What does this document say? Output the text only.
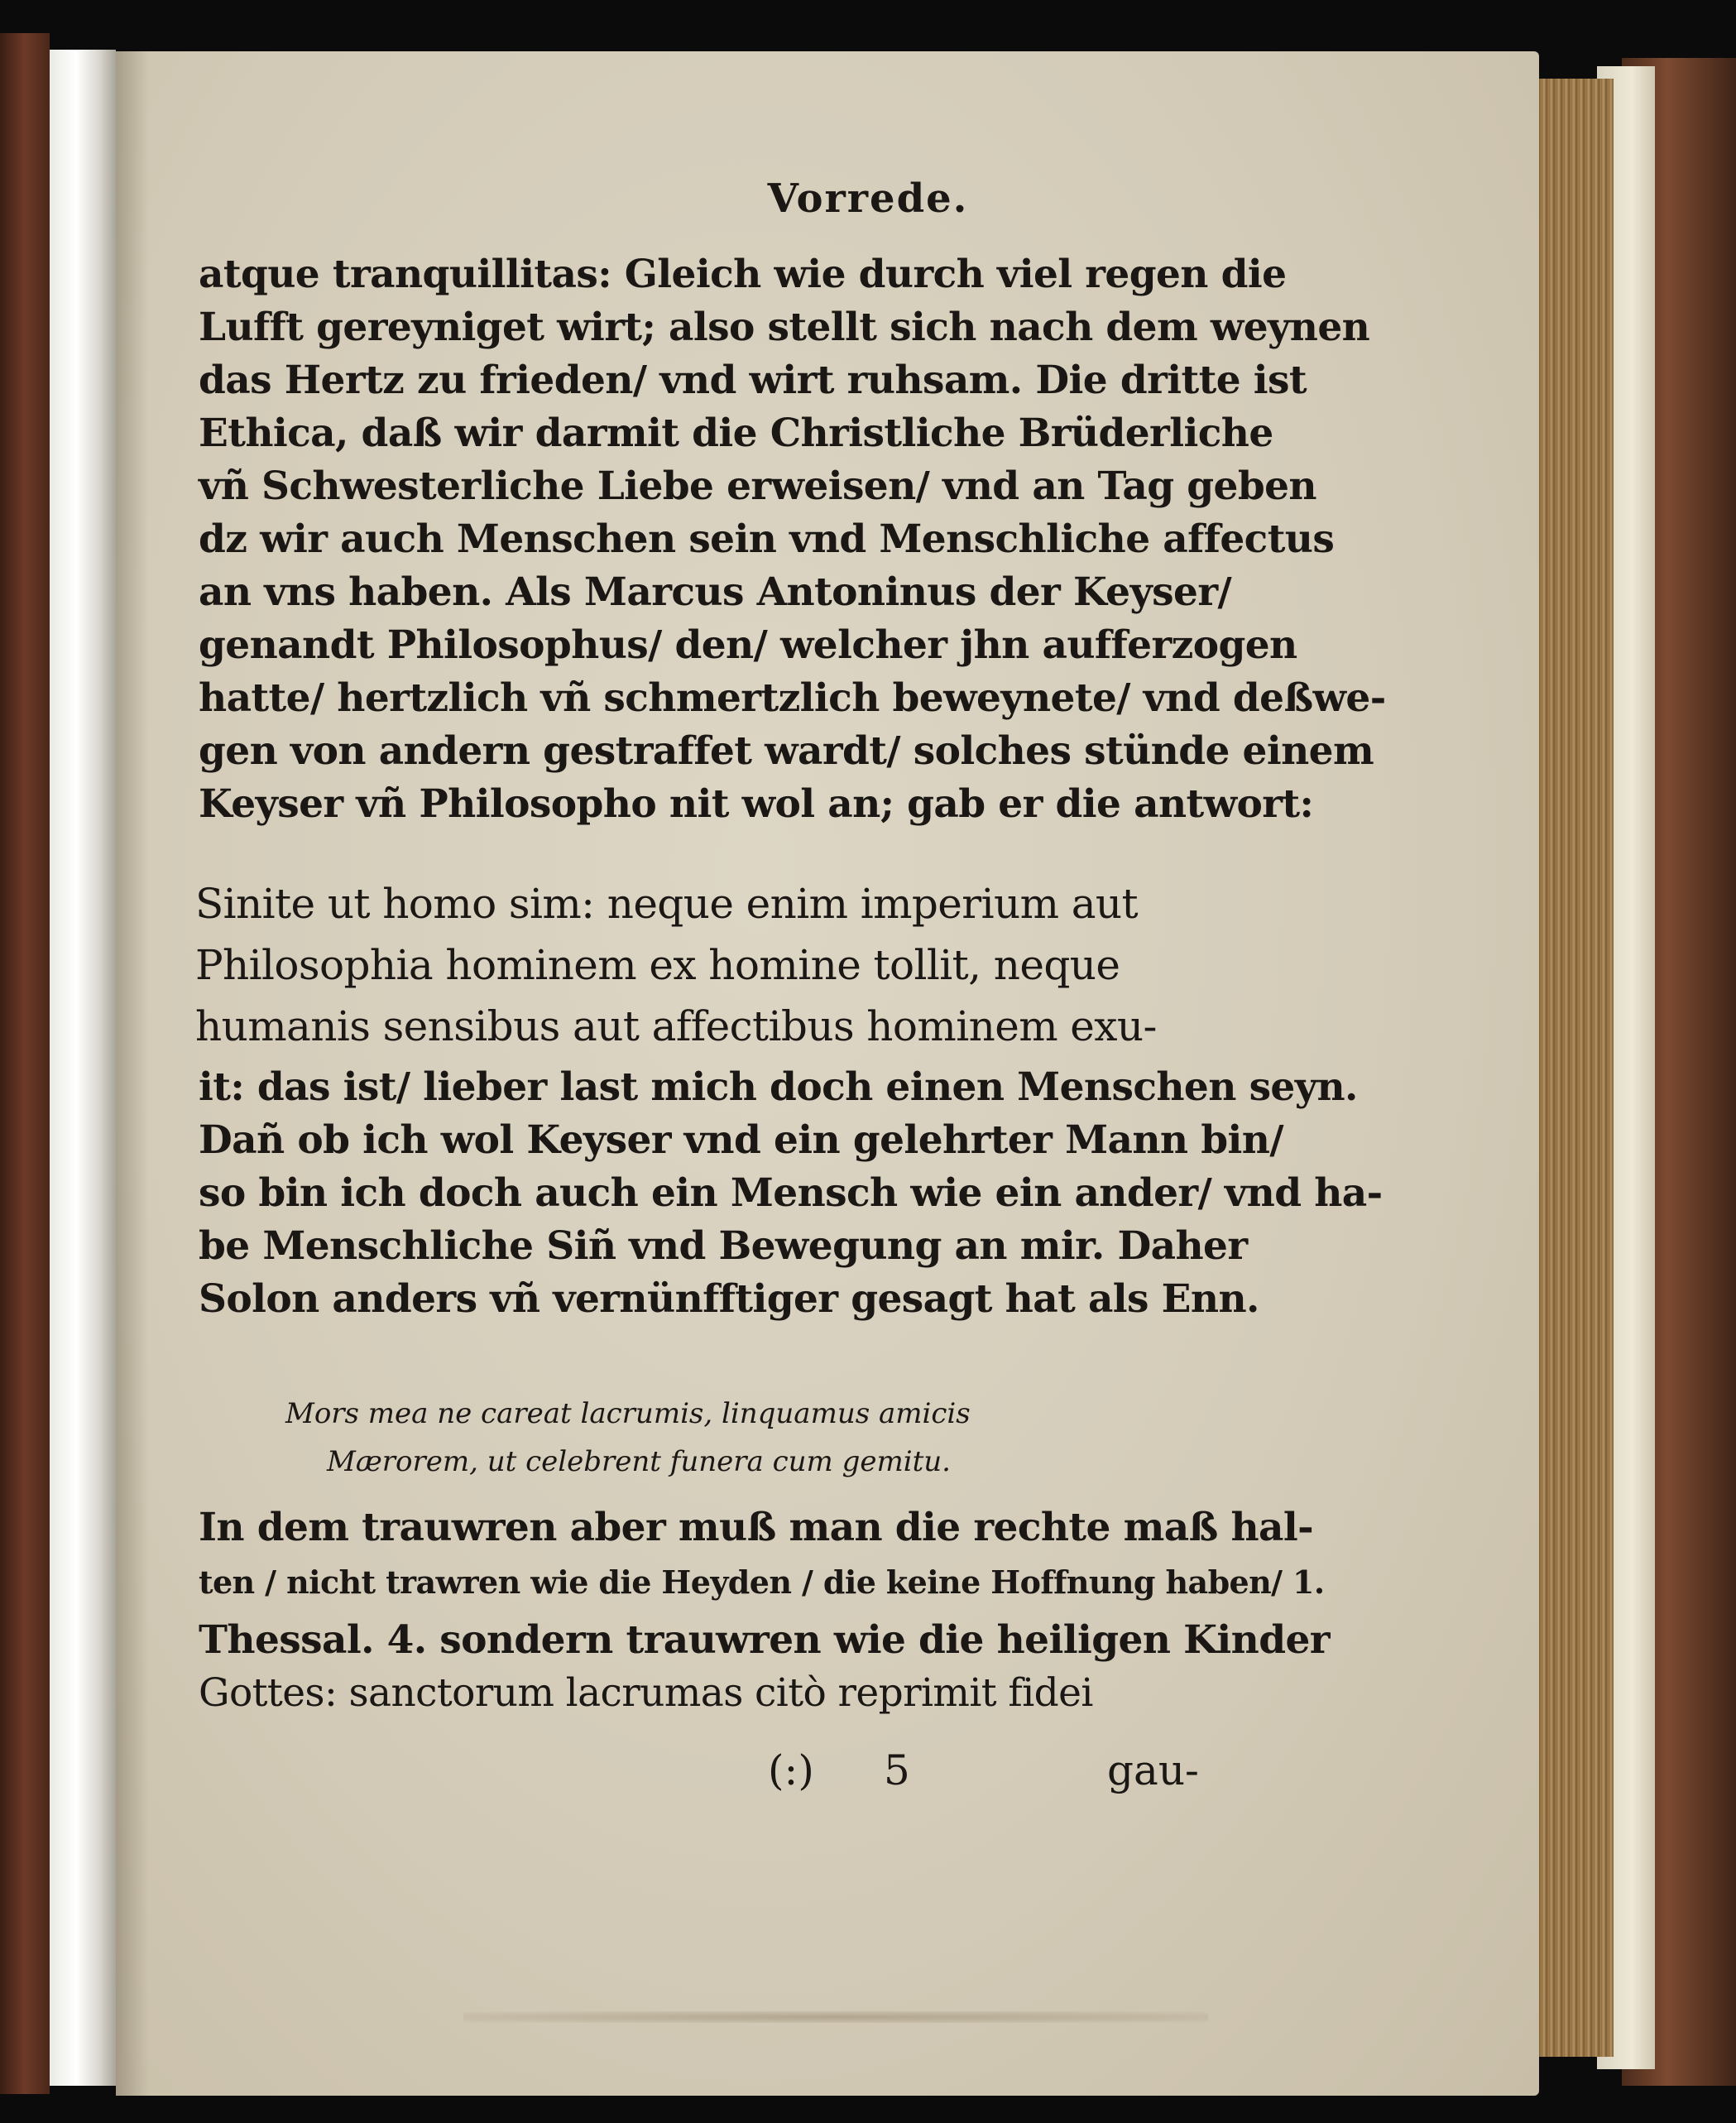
Vorrede.
atque tranquillitas: Gleich wie durch viel regen die
Lufft gereyniget wirt; also stellt sich nach dem weynen
das Hertz zu frieden/ vnd wirt ruhsam. Die dritte ist
Ethica, daß wir darmit die Christliche Brüderliche
vñ Schwesterliche Liebe erweisen/ vnd an Tag geben
dz wir auch Menschen sein vnd Menschliche affectus
an vns haben. Als Marcus Antoninus der Keyser/
genandt Philosophus/ den/ welcher jhn aufferzogen
hatte/ hertzlich vñ schmertzlich beweynete/ vnd deßwe-
gen von andern gestraffet wardt/ solches stünde einem
Keyser vñ Philosopho nit wol an; gab er die antwort:
Sinite ut homo sim: neque enim imperium aut
Philosophia hominem ex homine tollit, neque
humanis sensibus aut affectibus hominem exu-
it: das ist/ lieber last mich doch einen Menschen seyn.
Dañ ob ich wol Keyser vnd ein gelehrter Mann bin/
so bin ich doch auch ein Mensch wie ein ander/ vnd ha-
be Menschliche Siñ vnd Bewegung an mir. Daher
Solon anders vñ vernünfftiger gesagt hat als Enn.
Mors mea ne careat lacrumis, linquamus amicis
Mærorem, ut celebrent funera cum gemitu.
In dem trauwren aber muß man die rechte maß hal-
ten / nicht trawren wie die Heyden / die keine Hoffnung haben/ 1.
Thessal. 4. sondern trauwren wie die heiligen Kinder
Gottes: sanctorum lacrumas citò reprimit fidei
(:) 5	gau-
